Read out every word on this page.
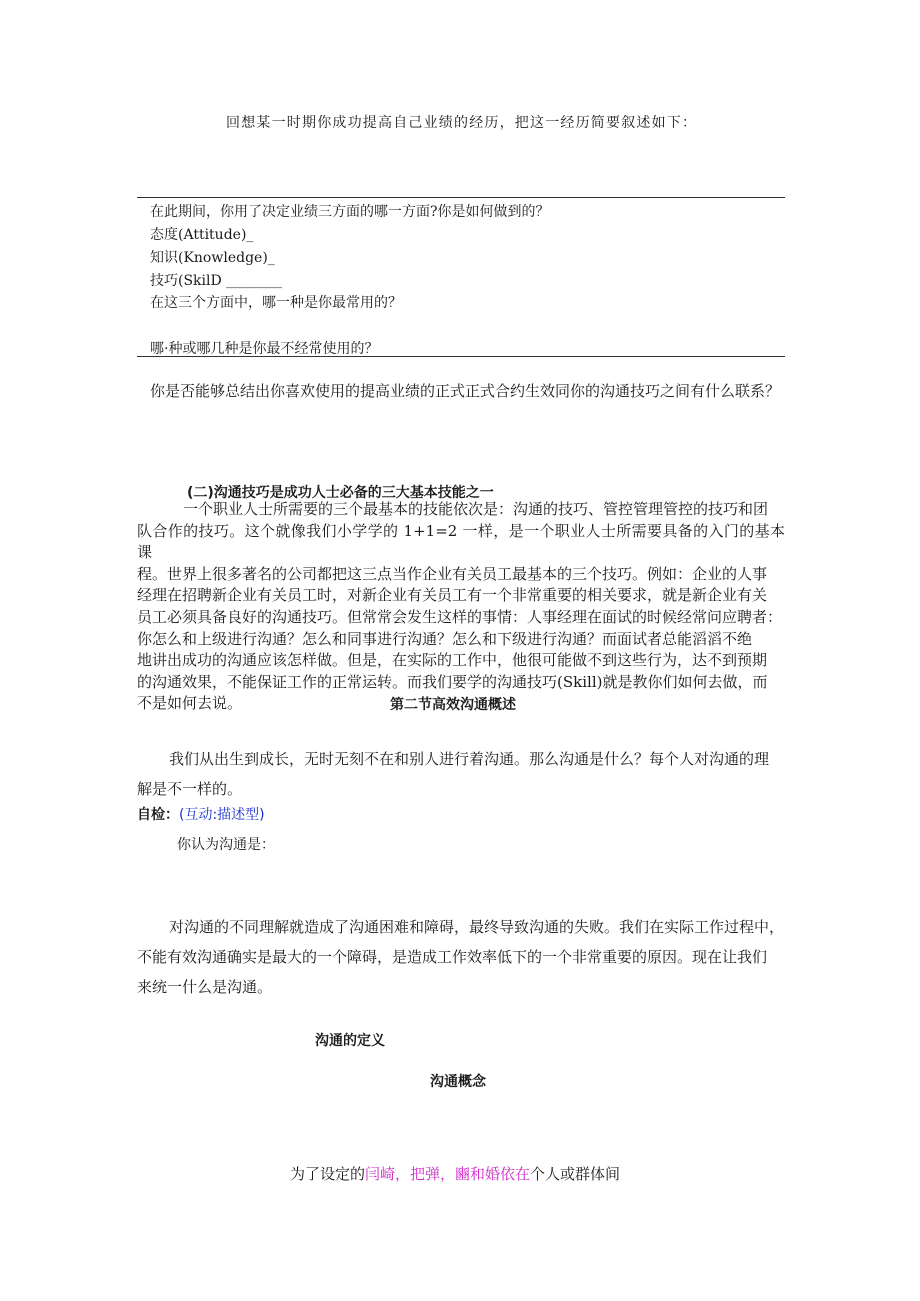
回想某一时期你成功提高自己业绩的经历，把这一经历简要叙述如下：
在此期间，你用了决定业绩三方面的哪一方面?你是如何做到的？
态度(Attitude)_
知识(Knowledge)_
技巧(SkilD ________
在这三个方面中，哪一种是你最常用的？
哪·种或哪几种是你最不经常使用的？
你是否能够总结出你喜欢使用的提高业绩的正式正式合约生效同你的沟通技巧之间有什么联系？
(二)沟通技巧是成功人士必备的三大基本技能之一
一个职业人士所需要的三个最基本的技能依次是：沟通的技巧、管控管理管控的技巧和团
队合作的技巧。这个就像我们小学学的 1+1=2 一样，是一个职业人士所需要具备的入门的基本课
程。世界上很多著名的公司都把这三点当作企业有关员工最基本的三个技巧。例如：企业的人事
经理在招聘新企业有关员工时，对新企业有关员工有一个非常重要的相关要求，就是新企业有关
员工必须具备良好的沟通技巧。但常常会发生这样的事情：人事经理在面试的时候经常问应聘者：
你怎么和上级进行沟通？怎么和同事进行沟通？怎么和下级进行沟通？而面试者总能滔滔不绝
地讲出成功的沟通应该怎样做。但是，在实际的工作中，他很可能做不到这些行为，达不到预期
的沟通效果，不能保证工作的正常运转。而我们要学的沟通技巧(Skill)就是教你们如何去做，而
不是如何去说。	第二节高效沟通概述
我们从出生到成长，无时无刻不在和别人进行着沟通。那么沟通是什么？每个人对沟通的理
解是不一样的。
自检：(互动:描述型)
你认为沟通是：
对沟通的不同理解就造成了沟通困难和障碍，最终导致沟通的失败。我们在实际工作过程中，
不能有效沟通确实是最大的一个障碍，是造成工作效率低下的一个非常重要的原因。现在让我们
来统一什么是沟通。
沟通的定义
沟通概念
为了设定的闫崎，把弹，豳和婚依在个人或群体间
